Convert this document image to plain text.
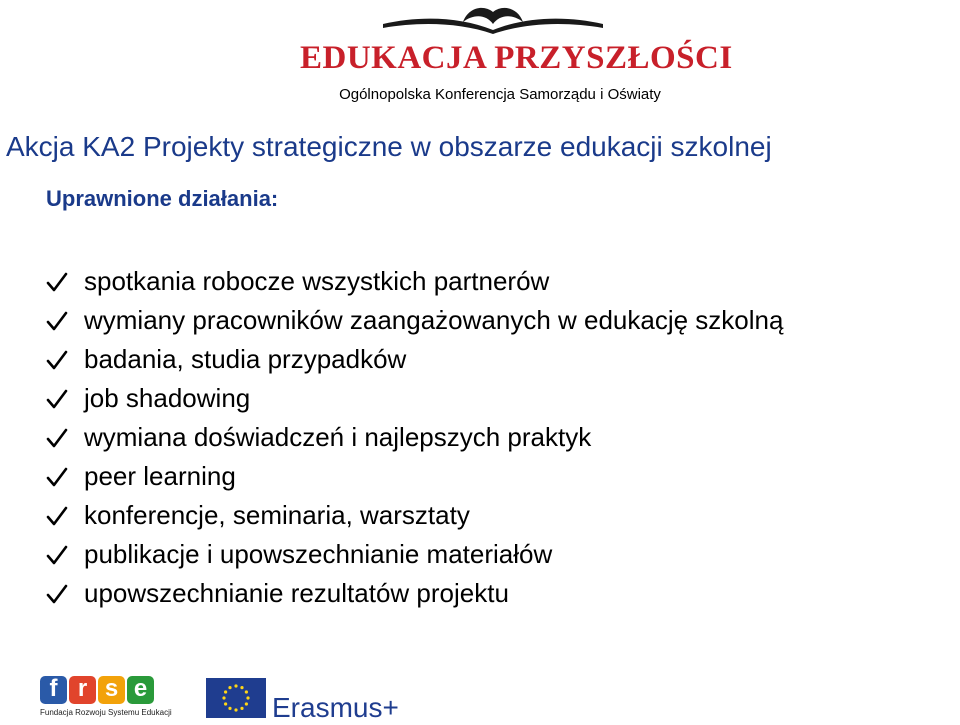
EDUKACJA PRZYSZŁOŚCI
Ogólnopolska Konferencja Samorządu i Oświaty
Akcja KA2 Projekty strategiczne w obszarze edukacji szkolnej
Uprawnione działania:
spotkania robocze wszystkich partnerów
wymiany pracowników zaangażowanych w edukację szkolną
badania, studia przypadków
job shadowing
wymiana doświadczeń i najlepszych praktyk
peer learning
konferencje, seminaria, warsztaty
publikacje i upowszechnianie materiałów
upowszechnianie rezultatów projektu
f r s e
Fundacja Rozwoju Systemu Edukacji	Erasmus+
